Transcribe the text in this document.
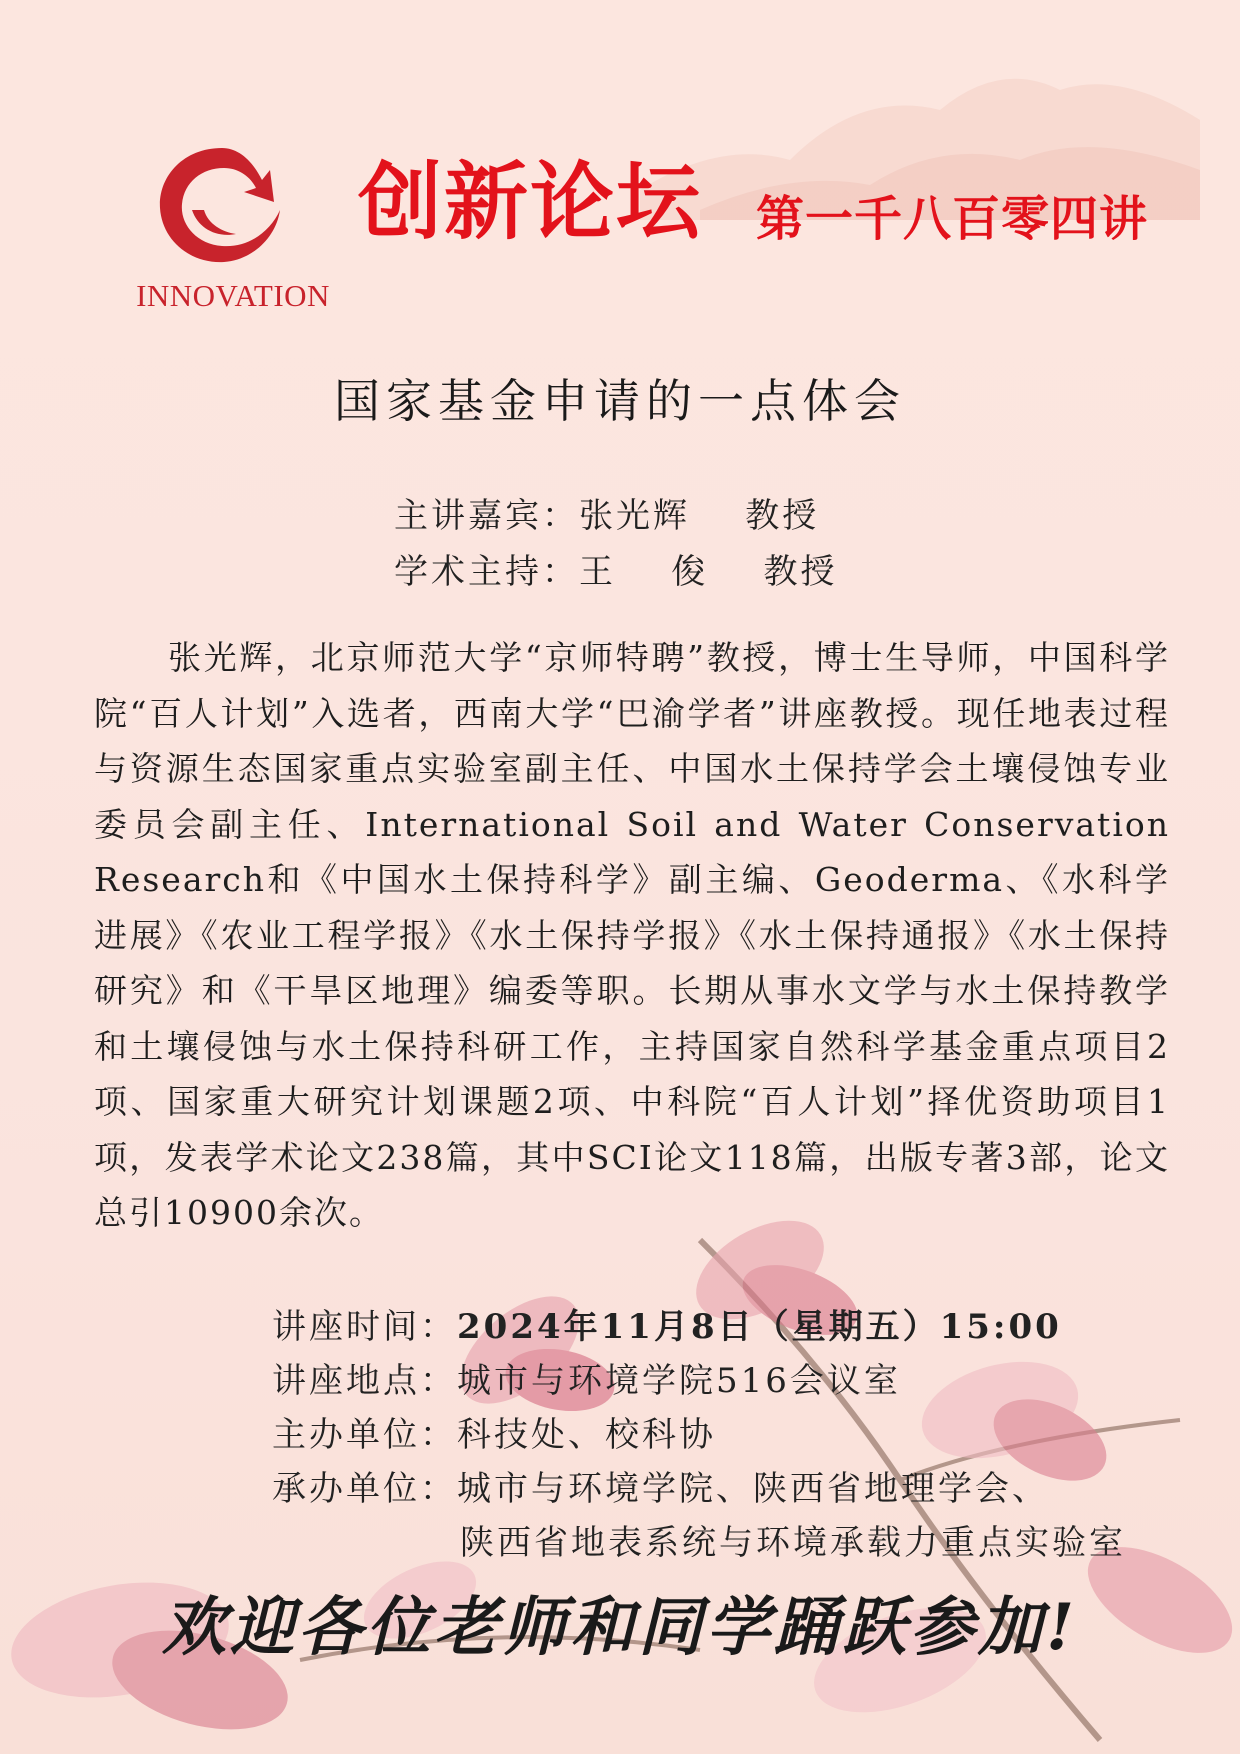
INNOVATION
创新论坛 第一千八百零四讲
国家基金申请的一点体会
主讲嘉宾：张光辉    教授
学术主持：王    俊    教授
张光辉，北京师范大学“京师特聘”教授，博士生导师，中国科学院“百人计划”入选者，西南大学“巴渝学者”讲座教授。现任地表过程与资源生态国家重点实验室副主任、中国水土保持学会土壤侵蚀专业委员会副主任、International Soil and Water Conservation Research和《中国水土保持科学》副主编、Geoderma、《水科学进展》《农业工程学报》《水土保持学报》《水土保持通报》《水土保持研究》和《干旱区地理》编委等职。长期从事水文学与水土保持教学和土壤侵蚀与水土保持科研工作，主持国家自然科学基金重点项目2项、国家重大研究计划课题2项、中科院“百人计划”择优资助项目1项，发表学术论文238篇，其中SCI论文118篇，出版专著3部，论文总引10900余次。
讲座时间：2024年11月8日（星期五）15:00
讲座地点：城市与环境学院516会议室
主办单位：科技处、校科协
承办单位：城市与环境学院、陕西省地理学会、
陕西省地表系统与环境承载力重点实验室
欢迎各位老师和同学踊跃参加!
